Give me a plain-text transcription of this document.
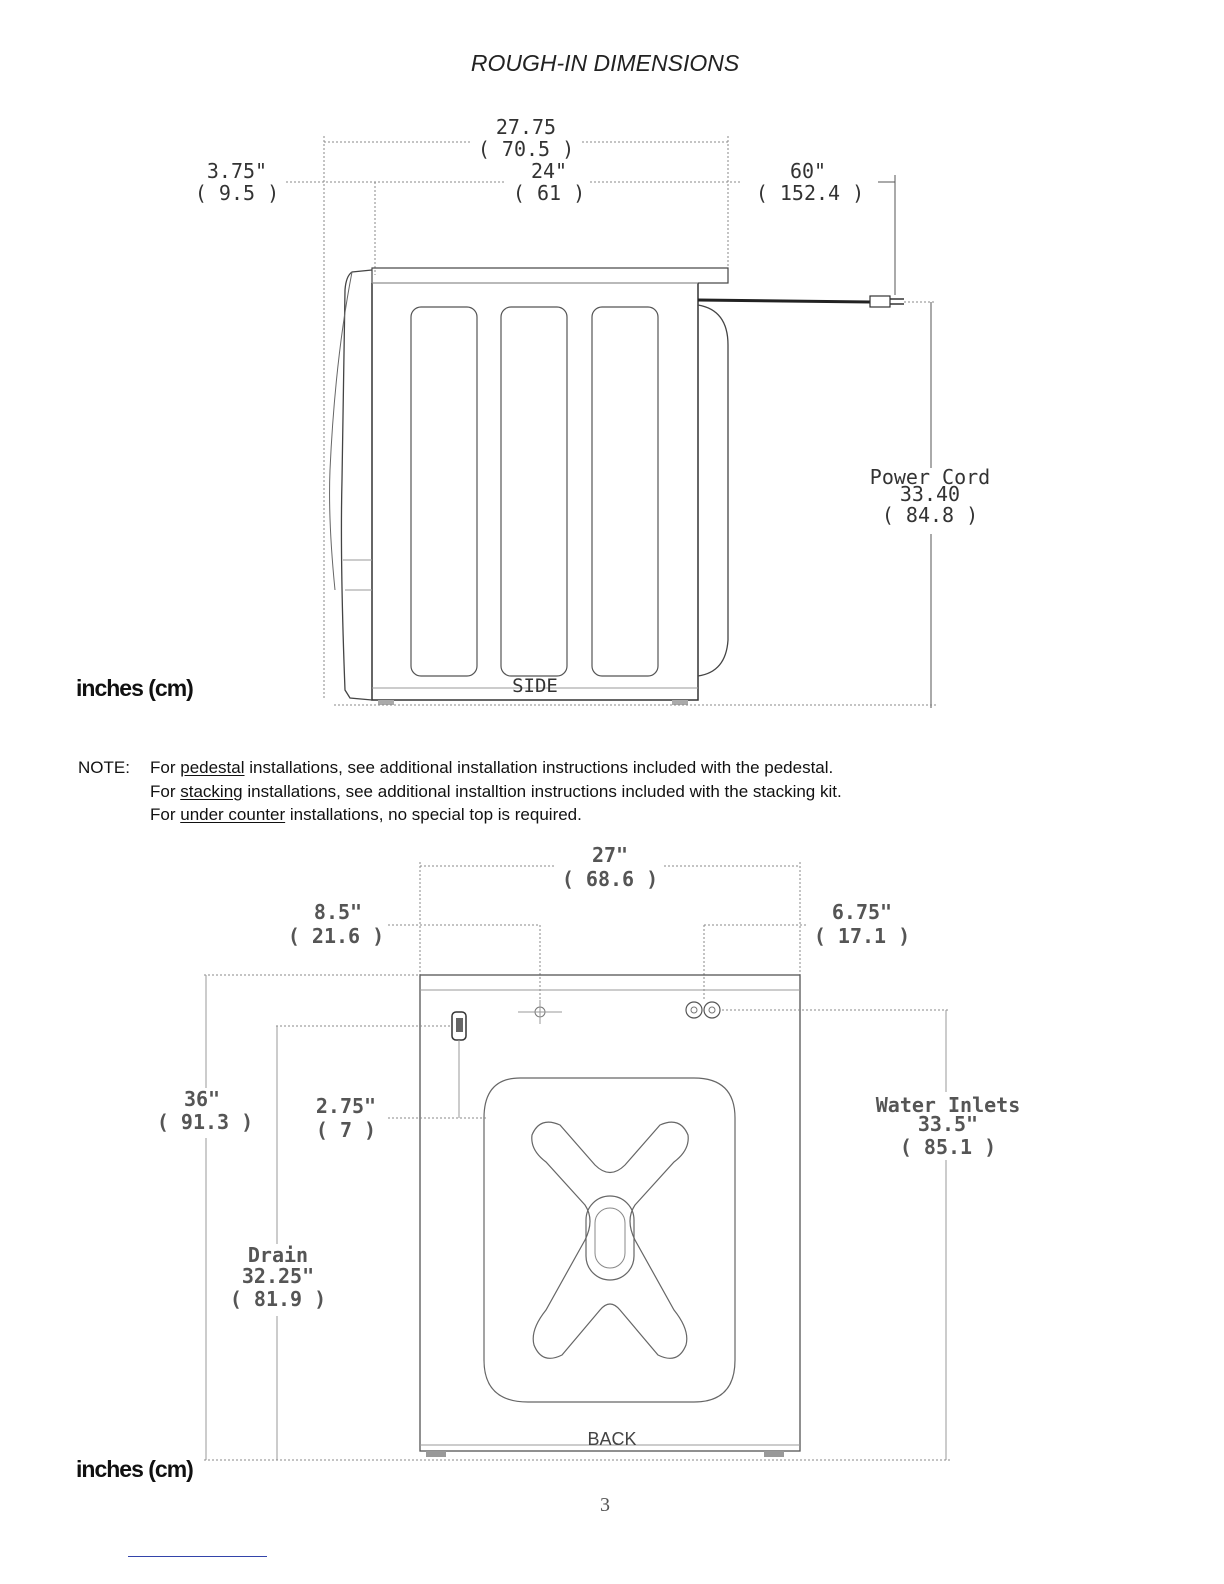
ROUGH-IN DIMENSIONS
27.75
( 70.5 )
3.75"
( 9.5 )
24"
( 61 )
60"
( 152.4 )
Power Cord
33.40
( 84.8 )
SIDE
27"
( 68.6 )
8.5"
( 21.6 )
6.75"
( 17.1 )
36"
( 91.3 )
2.75"
( 7 )
Water Inlets
33.5"
( 85.1 )
Drain
32.25"
( 81.9 )
BACK
inches (cm)
NOTE: For pedestal installations, see additional installation instructions included with the pedestal.
For stacking installations, see additional installtion instructions included with the stacking kit.
For under counter installations, no special top is required.
inches (cm)
3
